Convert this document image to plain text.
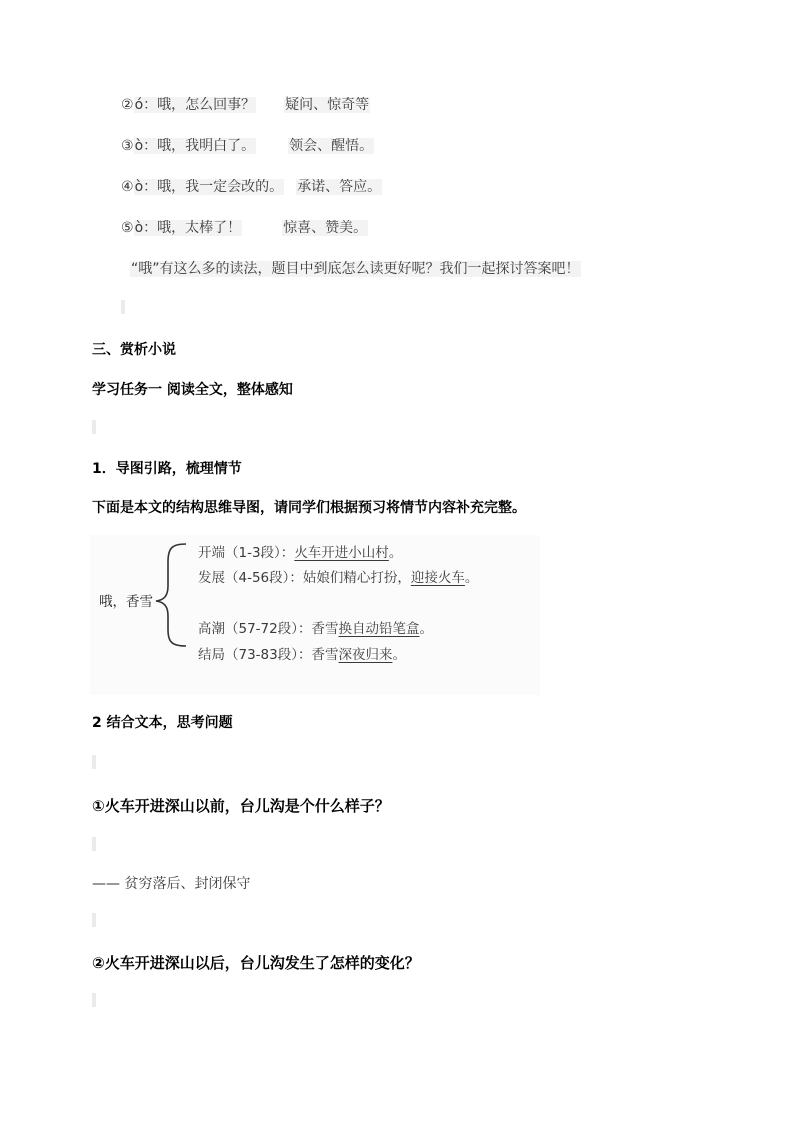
②ó：哦，怎么回事？ 疑问、惊奇等
③ò：哦，我明白了。 领会、醒悟。
④ò：哦，我一定会改的。 承诺、答应。
⑤ò：哦，太棒了！	惊喜、赞美。
“哦”有这么多的读法，题目中到底怎么读更好呢？我们一起探讨答案吧！
三、赏析小说
学习任务一 阅读全文，整体感知
1．导图引路，梳理情节
下面是本文的结构思维导图，请同学们根据预习将情节内容补充完整。
哦，香雪
开端（1-3段）：火车开进小山村。
发展（4-56段）：姑娘们精心打扮，迎接火车。
高潮（57-72段）：香雪换自动铅笔盒。
结局（73-83段）：香雪深夜归来。
2 结合文本，思考问题
①火车开进深山以前，台儿沟是个什么样子？
—— 贫穷落后、封闭保守
②火车开进深山以后，台儿沟发生了怎样的变化？
